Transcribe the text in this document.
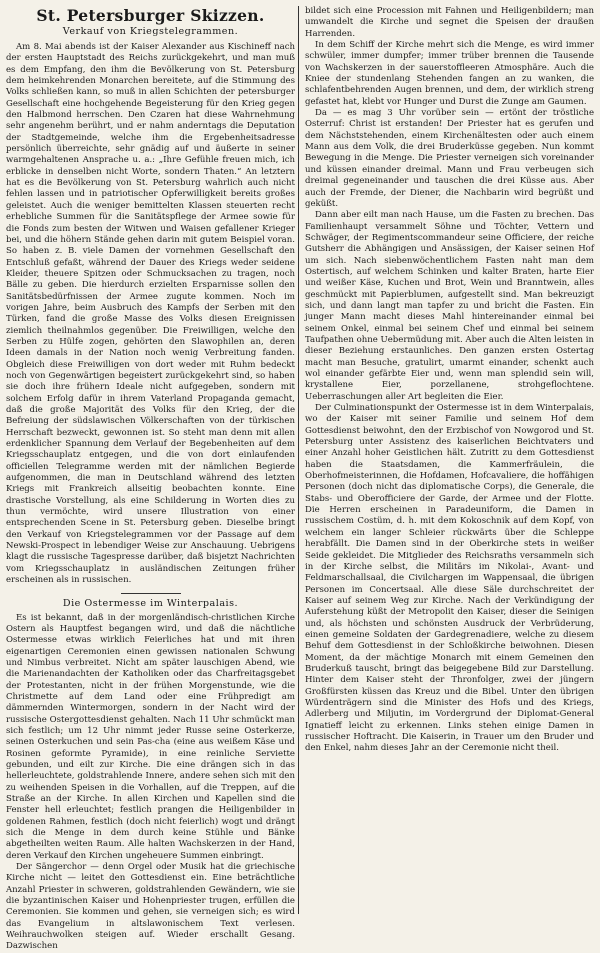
St. Petersburger Skizzen.
Verkauf von Kriegstelegrammen.

Am 8. Mai abends ist der Kaiser Alexander aus Kischineff nach der ersten Hauptstadt des Reichs zurückgekehrt, und man muß es dem Empfang, den ihm die Bevölkerung von St. Petersburg dem heimkehrenden Monarchen bereitete, auf die Stimmung des Volks schließen kann, so muß in allen Schichten der petersburger Gesellschaft eine hochgehende Begeisterung für den Krieg gegen den Halbmond herrschen. Den Czaren hat diese Wahrnehmung sehr angenehm berührt, und er nahm anderntags die Deputation der Stadtgemeinde, welche ihm die Ergebenheitsadresse persönlich überreichte, sehr gnädig auf und äußerte in seiner warmgehaltenen Ansprache u. a.: „Ihre Gefühle freuen mich, ich erblicke in denselben nicht Worte, sondern Thaten.“ An letztern hat es die Bevölkerung von St. Petersburg wahrlich auch nicht fehlen lassen und in patriotischer Opferwilligkeit bereits großes geleistet. Auch die weniger bemittelten Klassen steuerten recht erhebliche Summen für die Sanitätspflege der Armee sowie für die Fonds zum besten der Witwen und Waisen gefallener Krieger bei, und die höhern Stände gehen darin mit gutem Beispiel voran. So haben z. B. viele Damen der vornehmen Gesellschaft den Entschluß gefaßt, während der Dauer des Kriegs weder seidene Kleider, theuere Spitzen oder Schmucksachen zu tragen, noch Bälle zu geben. Die hierdurch erzielten Ersparnisse sollen den Sanitätsbedürfnissen der Armee zugute kommen. Noch im vorigen Jahre, beim Ausbruch des Kampfs der Serben mit den Türken, fand die große Masse des Volks diesen Ereignissen ziemlich theilnahmlos gegenüber. Die Freiwilligen, welche den Serben zu Hülfe zogen, gehörten den Slawophilen an, deren Ideen damals in der Nation noch wenig Verbreitung fanden. Obgleich diese Freiwilligen von dort weder mit Ruhm bedeckt noch von Gegenwärtigen begeistert zurückgekehrt sind, so haben sie doch ihre frühern Ideale nicht aufgegeben, sondern mit solchem Erfolg dafür in ihrem Vaterland Propaganda gemacht, daß die große Majorität des Volks für den Krieg, der die Befreiung der südslawischen Völkerschaften von der türkischen Herrschaft bezweckt, gewonnen ist. So steht man denn mit allen erdenklicher Spannung dem Verlauf der Begebenheiten auf dem Kriegsschauplatz entgegen, und die von dort einlaufenden officiellen Telegramme werden mit der nämlichen Begierde aufgenommen, die man in Deutschland während des letzten Kriegs mit Frankreich allseitig beobachten konnte. Eine drastische Vorstellung, als eine Schilderung in Worten dies zu thun vermöchte, wird unsere Illustration von einer entsprechenden Scene in St. Petersburg geben. Dieselbe bringt den Verkauf von Kriegstelegrammen vor der Passage auf dem Newski-Prospect in lebendiger Weise zur Anschauung. Uebrigens klagt die russische Tagespresse darüber, daß bisjetzt Nachrichten vom Kriegsschauplatz in ausländischen Zeitungen früher erscheinen als in russischen.

Die Ostermesse im Winterpalais.

Es ist bekannt, daß in der morgenländisch-christlichen Kirche Ostern als Hauptfest begangen wird, und daß die nächtliche Ostermesse etwas wirklich Feierliches hat und mit ihren eigenartigen Ceremonien einen gewissen nationalen Schwung und Nimbus verbreitet. Nicht am später lauschigen Abend, wie die Marienandachten der Katholiken oder das Charfreitagsgebet der Protestanten, nicht in der frühen Morgenstunde, wie die Christmette auf dem Land oder eine Frühpredigt am dämmernden Wintermorgen, sondern in der Nacht wird der russische Ostergottesdienst gehalten. Nach 11 Uhr schmückt man sich festlich; um 12 Uhr nimmt jeder Russe seine Osterkerze, seinen Osterkuchen und sein Pas-cha (eine aus weißem Käse und Rosinen geformte Pyramide), in eine reinliche Serviette gebunden, und eilt zur Kirche. Die eine drängen sich in das hellerleuchtete, goldstrahlende Innere, andere sehen sich mit den zu weihenden Speisen in die Vorhallen, auf die Treppen, auf die Straße an der Kirche. In allen Kirchen und Kapellen sind die Fenster hell erleuchtet; festlich prangen die Heiligenbilder in goldenen Rahmen, festlich (doch nicht feierlich) wogt und drängt sich die Menge in dem durch keine Stühle und Bänke abgetheilten weiten Raum. Alle halten Wachskerzen in der Hand, deren Verkauf den Kirchen ungeheuere Summen einbringt.

Der Sängerchor — denn Orgel oder Musik hat die griechische Kirche nicht — leitet den Gottesdienst ein. Eine beträchtliche Anzahl Priester in schweren, goldstrahlenden Gewändern, wie sie die byzantinischen Kaiser und Hohenpriester trugen, erfüllen die Ceremonien. Sie kommen und gehen, sie verneigen sich; es wird das Evangelium in altslawonischem Text verlesen. Weihrauchwolken steigen auf. Wieder erschallt Gesang. Dazwischen

bildet sich eine Procession mit Fahnen und Heiligenbildern; man umwandelt die Kirche und segnet die Speisen der draußen Harrenden.

In dem Schiff der Kirche mehrt sich die Menge, es wird immer schwüler, immer dumpfer; immer trüber brennen die Tausende von Wachskerzen in der sauerstoffleeren Atmosphäre. Auch die Kniee der stundenlang Stehenden fangen an zu wanken, die schlafentbehrenden Augen brennen, und dem, der wirklich streng gefastet hat, klebt vor Hunger und Durst die Zunge am Gaumen.

Da — es mag 3 Uhr vorüber sein — ertönt der tröstliche Osterruf: Christ ist erstanden! Der Priester hat es gerufen und dem Nächststehenden, einem Kirchenältesten oder auch einem Mann aus dem Volk, die drei Bruderküsse gegeben. Nun kommt Bewegung in die Menge. Die Priester verneigen sich voreinander und küssen einander dreimal. Mann und Frau verbeugen sich dreimal gegeneinander und tauschen die drei Küsse aus. Aber auch der Fremde, der Diener, die Nachbarin wird begrüßt und geküßt.

Dann aber eilt man nach Hause, um die Fasten zu brechen. Das Familienhaupt versammelt Söhne und Töchter, Vettern und Schwäger, der Regimentscommandeur seine Officiere, der reiche Gutsherr die Abhängigen und Ansässigen, der Kaiser seinen Hof um sich. Nach siebenwöchentlichem Fasten naht man dem Ostertisch, auf welchem Schinken und kalter Braten, harte Eier und weißer Käse, Kuchen und Brot, Wein und Branntwein, alles geschmückt mit Papierblumen, aufgestellt sind. Man bekreuzigt sich, und dann langt man tapfer zu und bricht die Fasten. Ein junger Mann macht dieses Mahl hintereinander einmal bei seinem Onkel, einmal bei seinem Chef und einmal bei seinem Taufpathen ohne Uebermüdung mit. Aber auch die Alten leisten in dieser Beziehung erstaunliches. Den ganzen ersten Ostertag macht man Besuche, gratulirt, umarmt einander, schenkt auch wol einander gefärbte Eier und, wenn man splendid sein will, krystallene Eier, porzellanene, strohgeflochtene. Ueberraschungen aller Art begleiten die Eier.

Der Culminationspunkt der Ostermesse ist in dem Winterpalais, wo der Kaiser mit seiner Familie und seinem Hof dem Gottesdienst beiwohnt, den der Erzbischof von Nowgorod und St. Petersburg unter Assistenz des kaiserlichen Beichtvaters und einer Anzahl hoher Geistlichen hält. Zutritt zu dem Gottesdienst haben die Staatsdamen, die Kammerfräulein, die Oberhofmeisterinnen, die Hofdamen, Hofcavaliere, die hoffähigen Personen (doch nicht das diplomatische Corps), die Generale, die Stabs- und Oberofficiere der Garde, der Armee und der Flotte. Die Herren erscheinen in Paradeuniform, die Damen in russischem Costüm, d. h. mit dem Kokoschnik auf dem Kopf, von welchem ein langer Schleier rückwärts über die Schleppe herabfällt. Die Damen sind in der Oberkirche stets in weißer Seide gekleidet. Die Mitglieder des Reichsraths versammeln sich in der Kirche selbst, die Militärs im Nikolai-, Avant- und Feldmarschallsaal, die Civilchargen im Wappensaal, die übrigen Personen im Concertsaal. Alle diese Säle durchschreitet der Kaiser auf seinem Weg zur Kirche. Nach der Verkündigung der Auferstehung küßt der Metropolit den Kaiser, dieser die Seinigen und, als höchsten und schönsten Ausdruck der Verbrüderung, einen gemeine Soldaten der Gardegrenadiere, welche zu diesem Behuf dem Gottesdienst in der Schloßkirche beiwohnen. Diesen Moment, da der mächtige Monarch mit einem Gemeinen den Bruderkuß tauscht, bringt das beigegebene Bild zur Darstellung. Hinter dem Kaiser steht der Thronfolger, zwei der jüngern Großfürsten küssen das Kreuz und die Bibel. Unter den übrigen Würdenträgern sind die Minister des Hofs und des Kriegs, Adlerberg und Miljutin, im Vordergrund der Diplomat-General Ignatieff leicht zu erkennen. Links stehen einige Damen in russischer Hoftracht. Die Kaiserin, in Trauer um den Bruder und den Enkel, nahm dieses Jahr an der Ceremonie nicht theil.
